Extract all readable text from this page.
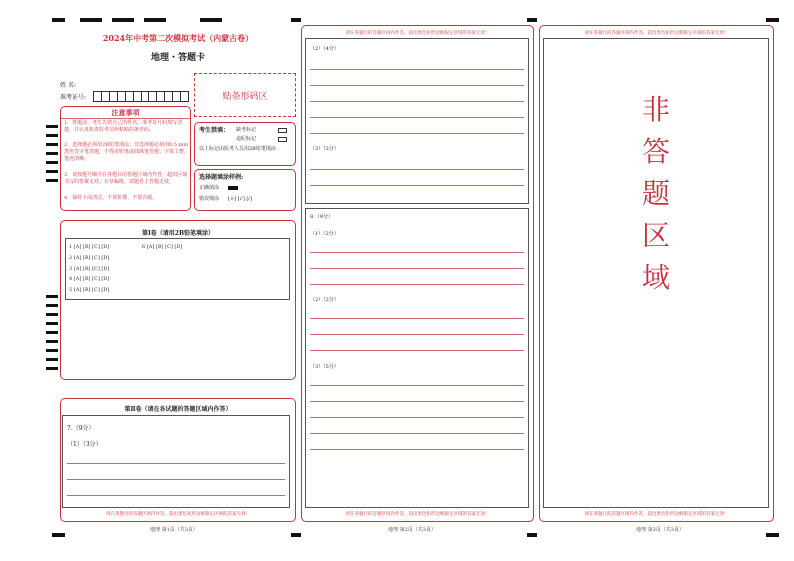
2024年中考第二次模拟考试（内蒙古卷）
地理・答题卡
姓 名:
准考证号:	贴条形码区
注意事项
1．答题前，考生先将自己的姓名，准考证号码填写清楚，并认真检查监考员所粘贴的条形码。
2．选择题必须用2B铅笔填涂；非选择题必须用0.5 mm黑色签字笔答题，不得用铅笔或圆珠笔答题；字体工整、笔迹清晰。
3．请按题号顺序在各题目的答题区域内作答，超出区域书写的答案无效；在草稿纸、试题卷上答题无效。
4．保持卡面清洁，不要折叠、不要弄破。
考生禁填： 缺考标记
违纪标记
以上标记由监考人员用2B铅笔填涂
选择题填涂样例:
正确填涂
错误填涂 [×] [√] [/]
第Ⅰ卷（请用2B铅笔填涂）
1 [A] [B] [C] [D]
2 [A] [B] [C] [D]
3 [A] [B] [C] [D]
4 [A] [B] [C] [D]
5 [A] [B] [C] [D]
6 [A] [B] [C] [D]
第Ⅱ卷（请在各试题的答题区域内作答）
7.（9分）
（1）（3分）
请在各题目的答题区域内作答，超出黑色矩形边框限定区域的答案无效！
地理 第1页（共3页）
请在各题目的答题区域内作答，超出黑色矩形边框限定区域的答案无效！
（2）（4分）
（3）（2分）
8.（9分）
（1）（2分）
（2）（2分）
（3）（5分）
请在各题目的答题区域内作答，超出黑色矩形边框限定区域的答案无效！
地理 第2页（共3页）
请在各题目的答题区域内作答，超出黑色矩形边框限定区域的答案无效！
非
答
题
区
域
请在各题目的答题区域内作答，超出黑色矩形边框限定区域的答案无效！
地理 第3页（共3页）
